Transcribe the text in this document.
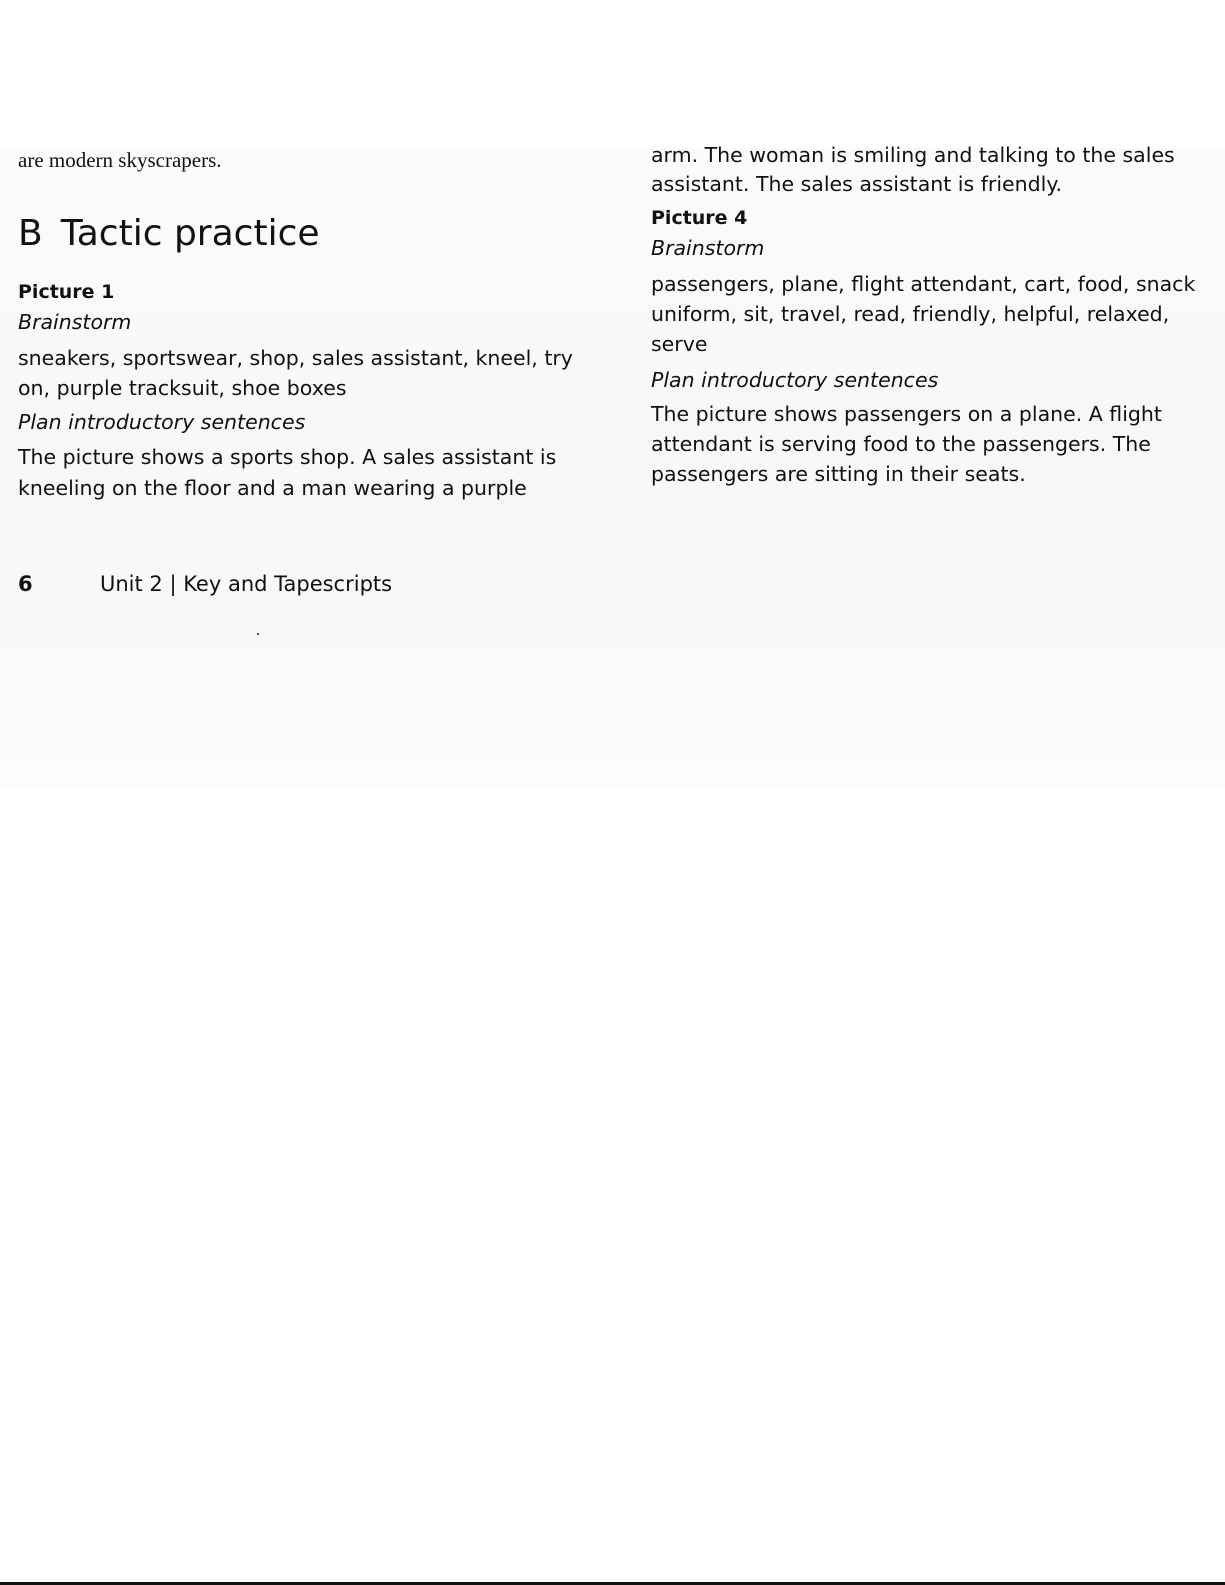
are modern skyscrapers.

B Tactic practice

Picture 1

Brainstorm

sneakers, sportswear, shop, sales assistant, kneel, try

on, purple tracksuit, shoe boxes

Plan introductory sentences

The picture shows a sports shop. A sales assistant is

kneeling on the floor and a man wearing a purple

arm. The woman is smiling and talking to the sales

assistant. The sales assistant is friendly.

Picture 4

Brainstorm

passengers, plane, flight attendant, cart, food, snack

uniform, sit, travel, read, friendly, helpful, relaxed,

serve

Plan introductory sentences

The picture shows passengers on a plane. A flight

attendant is serving food to the passengers. The

passengers are sitting in their seats.

6	Unit 2 | Key and Tapescripts
